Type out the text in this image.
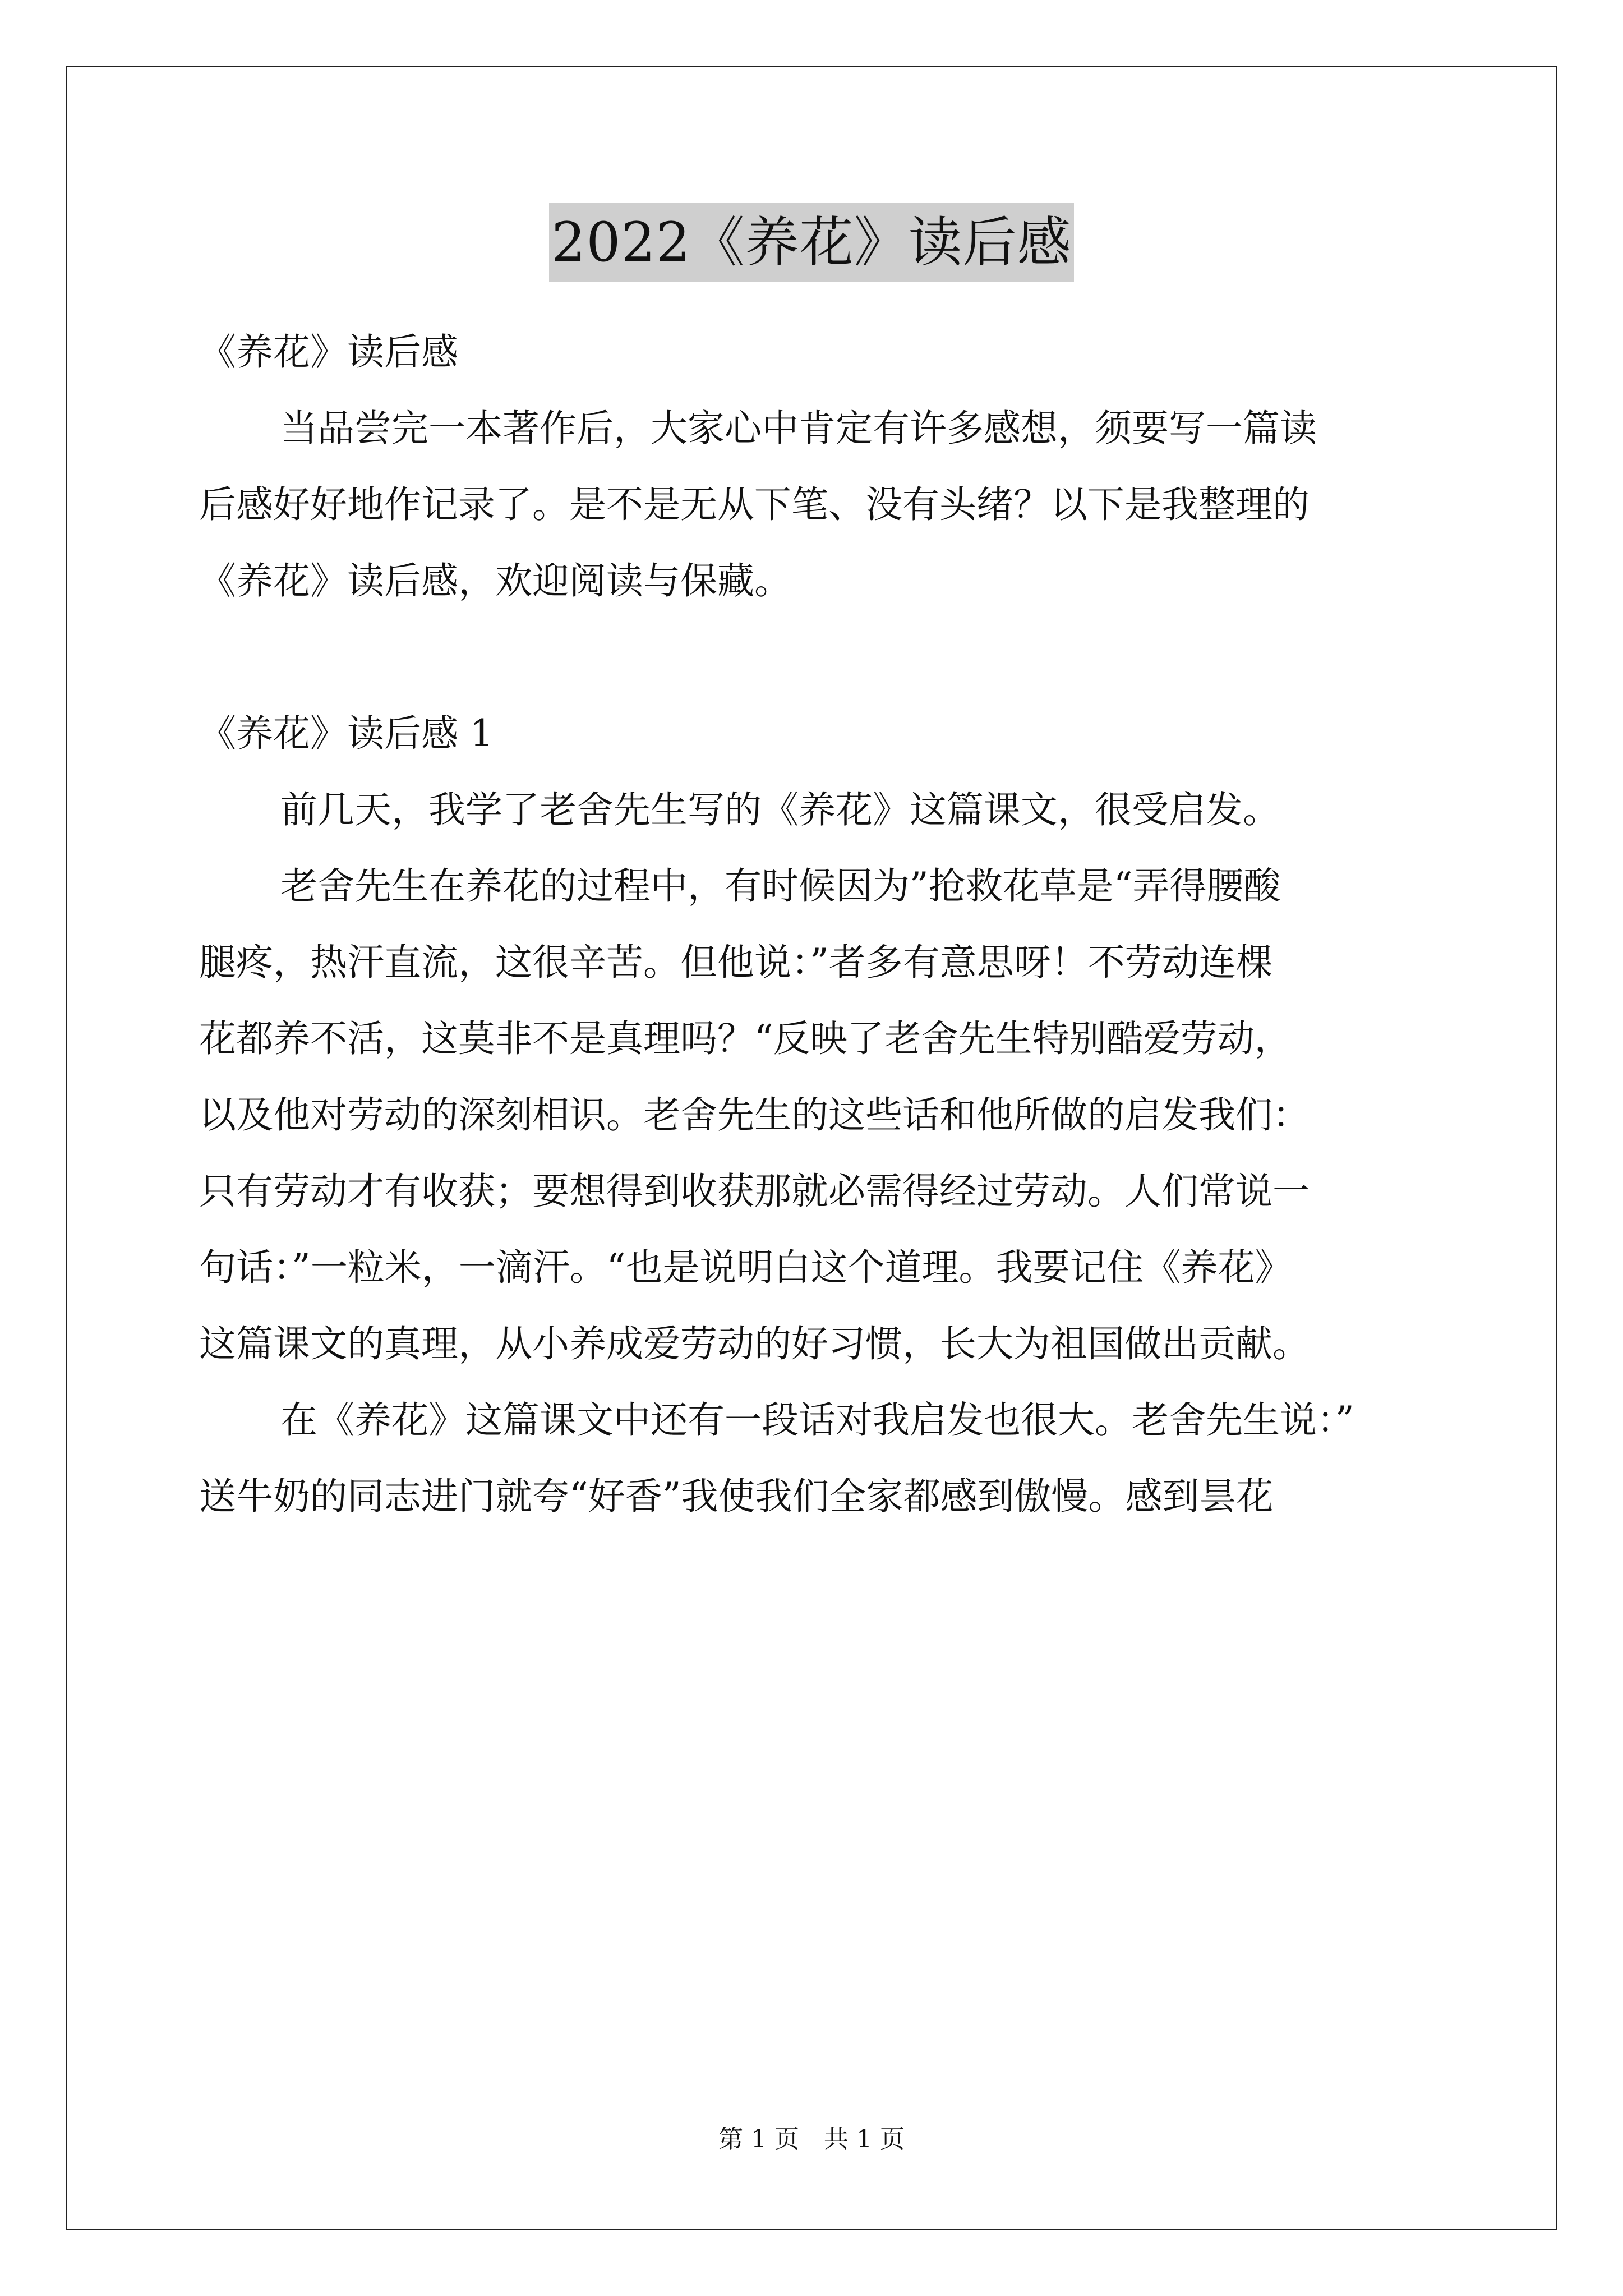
2022《养花》读后感
《养花》读后感
当品尝完一本著作后，大家心中肯定有许多感想，须要写一篇读
后感好好地作记录了。是不是无从下笔、没有头绪？以下是我整理的
《养花》读后感，欢迎阅读与保藏。
《养花》读后感 1
前几天，我学了老舍先生写的《养花》这篇课文，很受启发。
老舍先生在养花的过程中，有时候因为”抢救花草是“弄得腰酸
腿疼，热汗直流，这很辛苦。但他说：”者多有意思呀！不劳动连棵
花都养不活，这莫非不是真理吗？“反映了老舍先生特别酷爱劳动，
以及他对劳动的深刻相识。老舍先生的这些话和他所做的启发我们：
只有劳动才有收获；要想得到收获那就必需得经过劳动。人们常说一
句话：”一粒米，一滴汗。“也是说明白这个道理。我要记住《养花》
这篇课文的真理，从小养成爱劳动的好习惯，长大为祖国做出贡献。
在《养花》这篇课文中还有一段话对我启发也很大。老舍先生说：”
送牛奶的同志进门就夸“好香”我使我们全家都感到傲慢。感到昙花
第 1 页　共 1 页
